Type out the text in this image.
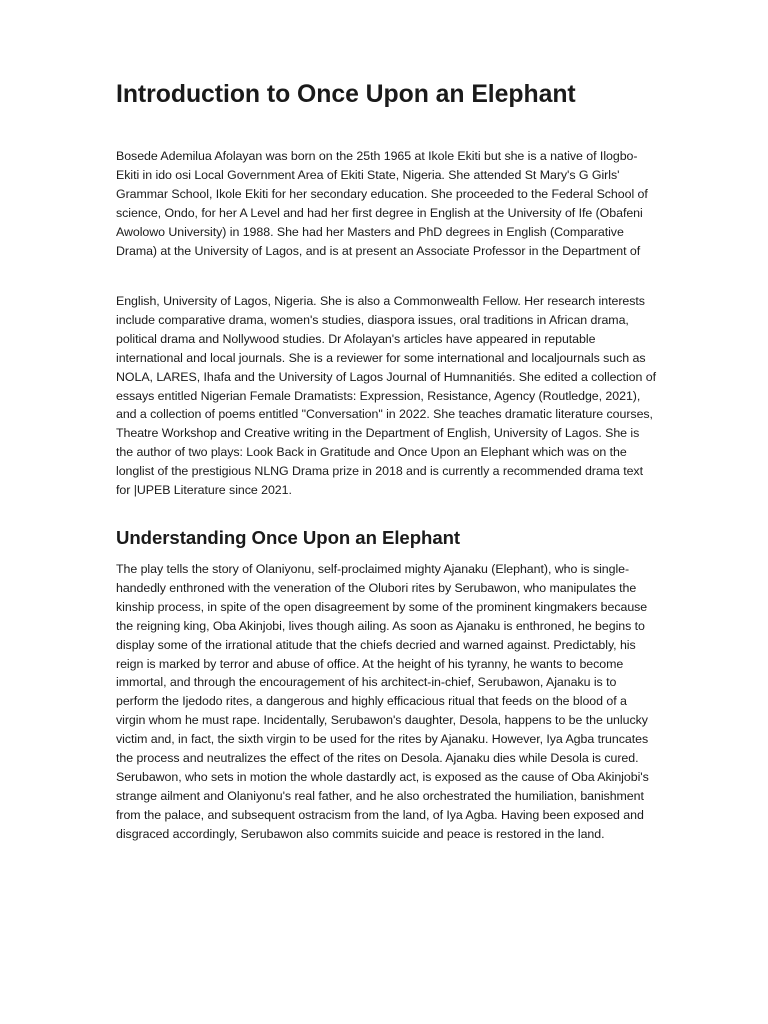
Introduction to Once Upon an Elephant

Bosede Ademilua Afolayan was born on the 25th 1965 at Ikole Ekiti but she is a native of Ilogbo-Ekiti in ido osi Local Government Area of Ekiti State, Nigeria. She attended St Mary's G Girls' Grammar School, Ikole Ekiti for her secondary education. She proceeded to the Federal School of science, Ondo, for her A Level and had her first degree in English at the University of Ife (Obafeni Awolowo University) in 1988. She had her Masters and PhD degrees in English (Comparative Drama) at the University of Lagos, and is at present an Associate Professor in the Department of

English, University of Lagos, Nigeria. She is also a Commonwealth Fellow. Her research interests include comparative drama, women's studies, diaspora issues, oral traditions in African drama, political drama and Nollywood studies. Dr Afolayan's articles have appeared in reputable international and local journals. She is a reviewer for some international and localjournals such as NOLA, LARES, Ihafa and the University of Lagos Journal of Humnanitiés. She edited a collection of essays entitled Nigerian Female Dramatists: Expression, Resistance, Agency (Routledge, 2021), and a collection of poems entitled "Conversation" in 2022. She teaches dramatic literature courses, Theatre Workshop and Creative writing in the Department of English, University of Lagos. She is the author of two plays: Look Back in Gratitude and Once Upon an Elephant which was on the longlist of the prestigious NLNG Drama prize in 2018 and is currently a recommended drama text for |UPEB Literature since 2021.

Understanding Once Upon an Elephant

The play tells the story of Olaniyonu, self-proclaimed mighty Ajanaku (Elephant), who is single-handedly enthroned with the veneration of the Olubori rites by Serubawon, who manipulates the kinship process, in spite of the open disagreement by some of the prominent kingmakers because the reigning king, Oba Akinjobi, lives though ailing. As soon as Ajanaku is enthroned, he begins to display some of the irrational atitude that the chiefs decried and warned against. Predictably, his reign is marked by terror and abuse of office. At the height of his tyranny, he wants to become immortal, and through the encouragement of his architect-in-chief, Serubawon, Ajanaku is to perform the Ijedodo rites, a dangerous and highly efficacious ritual that feeds on the blood of a virgin whom he must rape. Incidentally, Serubawon's daughter, Desola, happens to be the unlucky victim and, in fact, the sixth virgin to be used for the rites by Ajanaku. However, Iya Agba truncates the process and neutralizes the effect of the rites on Desola. Ajanaku dies while Desola is cured. Serubawon, who sets in motion the whole dastardly act, is exposed as the cause of Oba Akinjobi's strange ailment and Olaniyonu's real father, and he also orchestrated the humiliation, banishment from the palace, and subsequent ostracism from the land, of Iya Agba. Having been exposed and disgraced accordingly, Serubawon also commits suicide and peace is restored in the land.
